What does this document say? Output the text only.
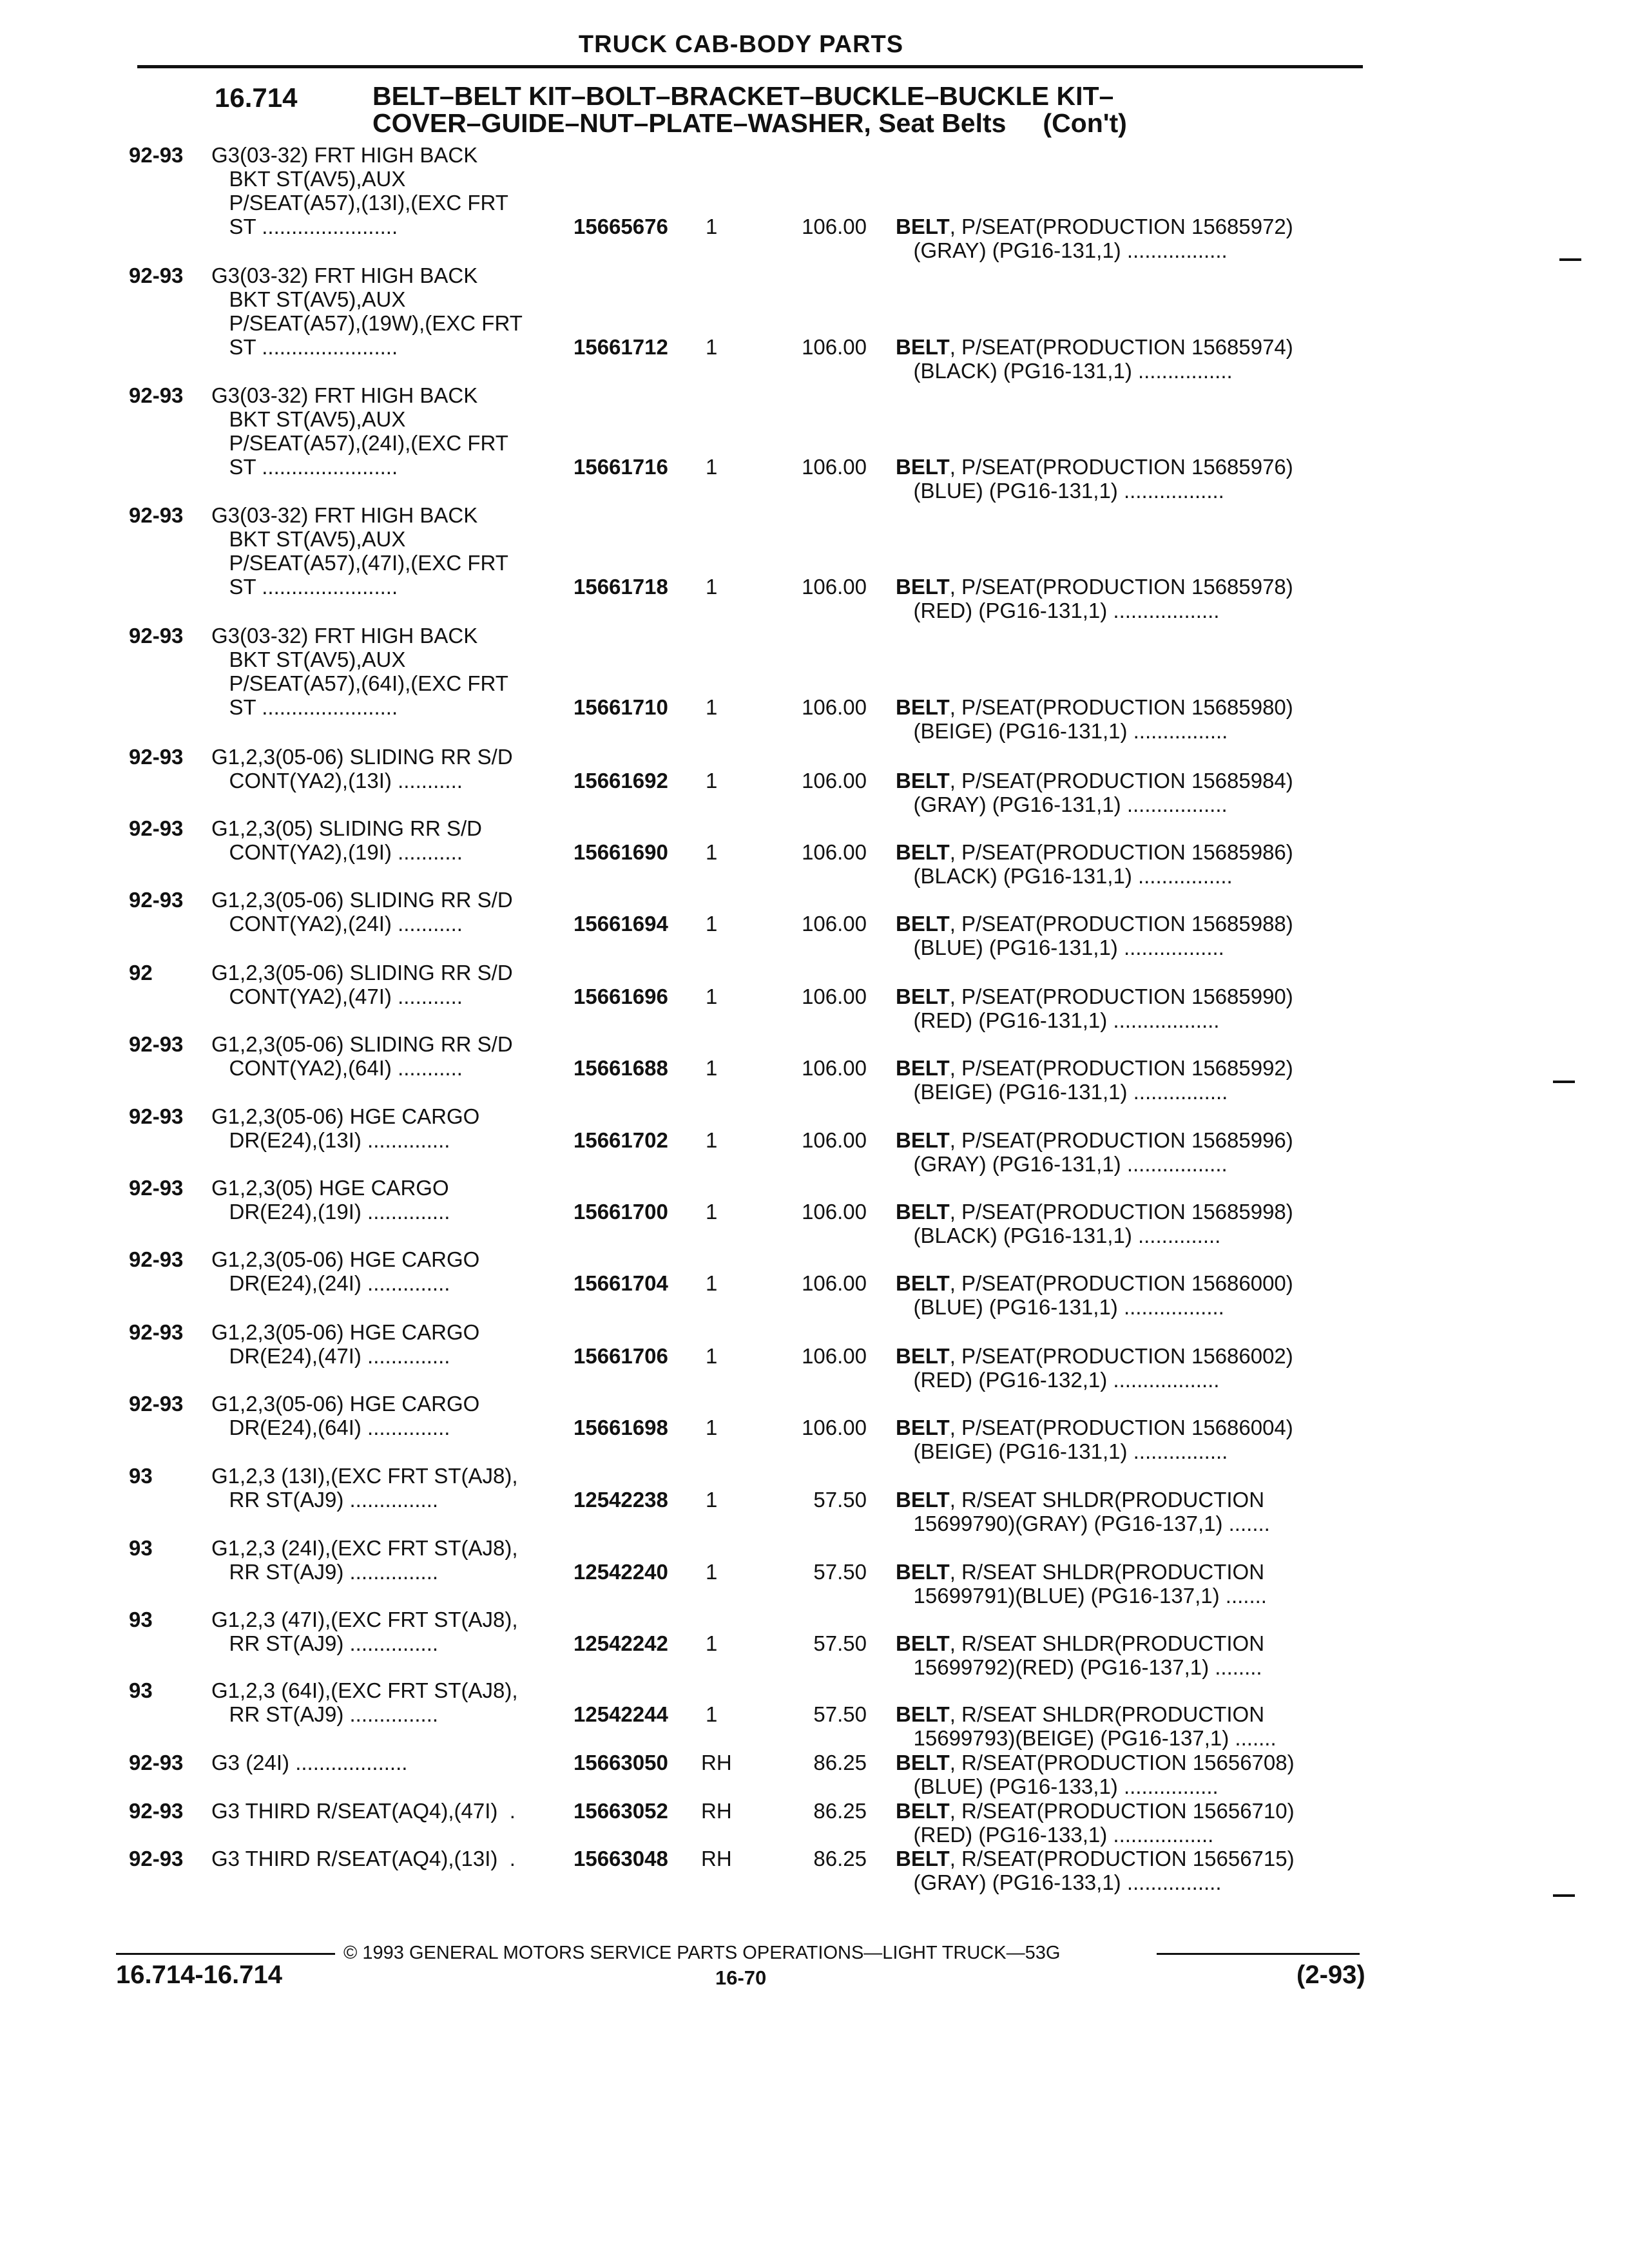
TRUCK CAB-BODY PARTS
16.714	BELT–BELT KIT–BOLT–BRACKET–BUCKLE–BUCKLE KIT–
COVER–GUIDE–NUT–PLATE–WASHER, Seat Belts     (Con't)
92-93 G3(03-32) FRT HIGH BACK
BKT ST(AV5),AUX
P/SEAT(A57),(13I),(EXC FRT
ST .......................	15665676 1	106.00 BELT, P/SEAT(PRODUCTION 15685972)
(GRAY) (PG16-131,1) .................
92-93 G3(03-32) FRT HIGH BACK
BKT ST(AV5),AUX
P/SEAT(A57),(19W),(EXC FRT
ST .......................	15661712 1	106.00 BELT, P/SEAT(PRODUCTION 15685974)
(BLACK) (PG16-131,1) ................
92-93 G3(03-32) FRT HIGH BACK
BKT ST(AV5),AUX
P/SEAT(A57),(24I),(EXC FRT
ST .......................	15661716 1	106.00 BELT, P/SEAT(PRODUCTION 15685976)
(BLUE) (PG16-131,1) .................
92-93 G3(03-32) FRT HIGH BACK
BKT ST(AV5),AUX
P/SEAT(A57),(47I),(EXC FRT
ST .......................	15661718 1	106.00 BELT, P/SEAT(PRODUCTION 15685978)
(RED) (PG16-131,1) ..................
92-93 G3(03-32) FRT HIGH BACK
BKT ST(AV5),AUX
P/SEAT(A57),(64I),(EXC FRT
ST .......................	15661710 1	106.00 BELT, P/SEAT(PRODUCTION 15685980)
(BEIGE) (PG16-131,1) ................
92-93 G1,2,3(05-06) SLIDING RR S/D
CONT(YA2),(13I) ...........	15661692 1	106.00 BELT, P/SEAT(PRODUCTION 15685984)
(GRAY) (PG16-131,1) .................
92-93 G1,2,3(05) SLIDING RR S/D
CONT(YA2),(19I) ...........	15661690 1	106.00 BELT, P/SEAT(PRODUCTION 15685986)
(BLACK) (PG16-131,1) ................
92-93 G1,2,3(05-06) SLIDING RR S/D
CONT(YA2),(24I) ...........	15661694 1	106.00 BELT, P/SEAT(PRODUCTION 15685988)
(BLUE) (PG16-131,1) .................
92	G1,2,3(05-06) SLIDING RR S/D
CONT(YA2),(47I) ...........	15661696 1	106.00 BELT, P/SEAT(PRODUCTION 15685990)
(RED) (PG16-131,1) ..................
92-93 G1,2,3(05-06) SLIDING RR S/D
CONT(YA2),(64I) ...........	15661688 1	106.00 BELT, P/SEAT(PRODUCTION 15685992)
(BEIGE) (PG16-131,1) ................
92-93 G1,2,3(05-06) HGE CARGO
DR(E24),(13I) ..............	15661702 1	106.00 BELT, P/SEAT(PRODUCTION 15685996)
(GRAY) (PG16-131,1) .................
92-93 G1,2,3(05) HGE CARGO
DR(E24),(19I) ..............	15661700 1	106.00 BELT, P/SEAT(PRODUCTION 15685998)
(BLACK) (PG16-131,1) ..............
92-93 G1,2,3(05-06) HGE CARGO
DR(E24),(24I) ..............	15661704 1	106.00 BELT, P/SEAT(PRODUCTION 15686000)
(BLUE) (PG16-131,1) .................
92-93 G1,2,3(05-06) HGE CARGO
DR(E24),(47I) ..............	15661706 1	106.00 BELT, P/SEAT(PRODUCTION 15686002)
(RED) (PG16-132,1) ..................
92-93 G1,2,3(05-06) HGE CARGO
DR(E24),(64I) ..............	15661698 1	106.00 BELT, P/SEAT(PRODUCTION 15686004)
(BEIGE) (PG16-131,1) ................
93	G1,2,3 (13I),(EXC FRT ST(AJ8),
RR ST(AJ9) ...............	12542238 1	57.50 BELT, R/SEAT SHLDR(PRODUCTION
15699790)(GRAY) (PG16-137,1) .......
93	G1,2,3 (24I),(EXC FRT ST(AJ8),
RR ST(AJ9) ...............	12542240 1	57.50 BELT, R/SEAT SHLDR(PRODUCTION
15699791)(BLUE) (PG16-137,1) .......
93	G1,2,3 (47I),(EXC FRT ST(AJ8),
RR ST(AJ9) ...............	12542242 1	57.50 BELT, R/SEAT SHLDR(PRODUCTION
15699792)(RED) (PG16-137,1) ........
93	G1,2,3 (64I),(EXC FRT ST(AJ8),
RR ST(AJ9) ...............	12542244 1	57.50 BELT, R/SEAT SHLDR(PRODUCTION
15699793)(BEIGE) (PG16-137,1) .......
92-93 G3 (24I) ...................	15663050 RH	86.25 BELT, R/SEAT(PRODUCTION 15656708)
(BLUE) (PG16-133,1) ................
92-93 G3 THIRD R/SEAT(AQ4),(47I)  .	15663052 RH	86.25 BELT, R/SEAT(PRODUCTION 15656710)
(RED) (PG16-133,1) .................
92-93 G3 THIRD R/SEAT(AQ4),(13I)  .	15663048 RH	86.25 BELT, R/SEAT(PRODUCTION 15656715)
(GRAY) (PG16-133,1) ................
© 1993 GENERAL MOTORS SERVICE PARTS OPERATIONS—LIGHT TRUCK—53G
16.714-16.714	16-70	(2-93)
